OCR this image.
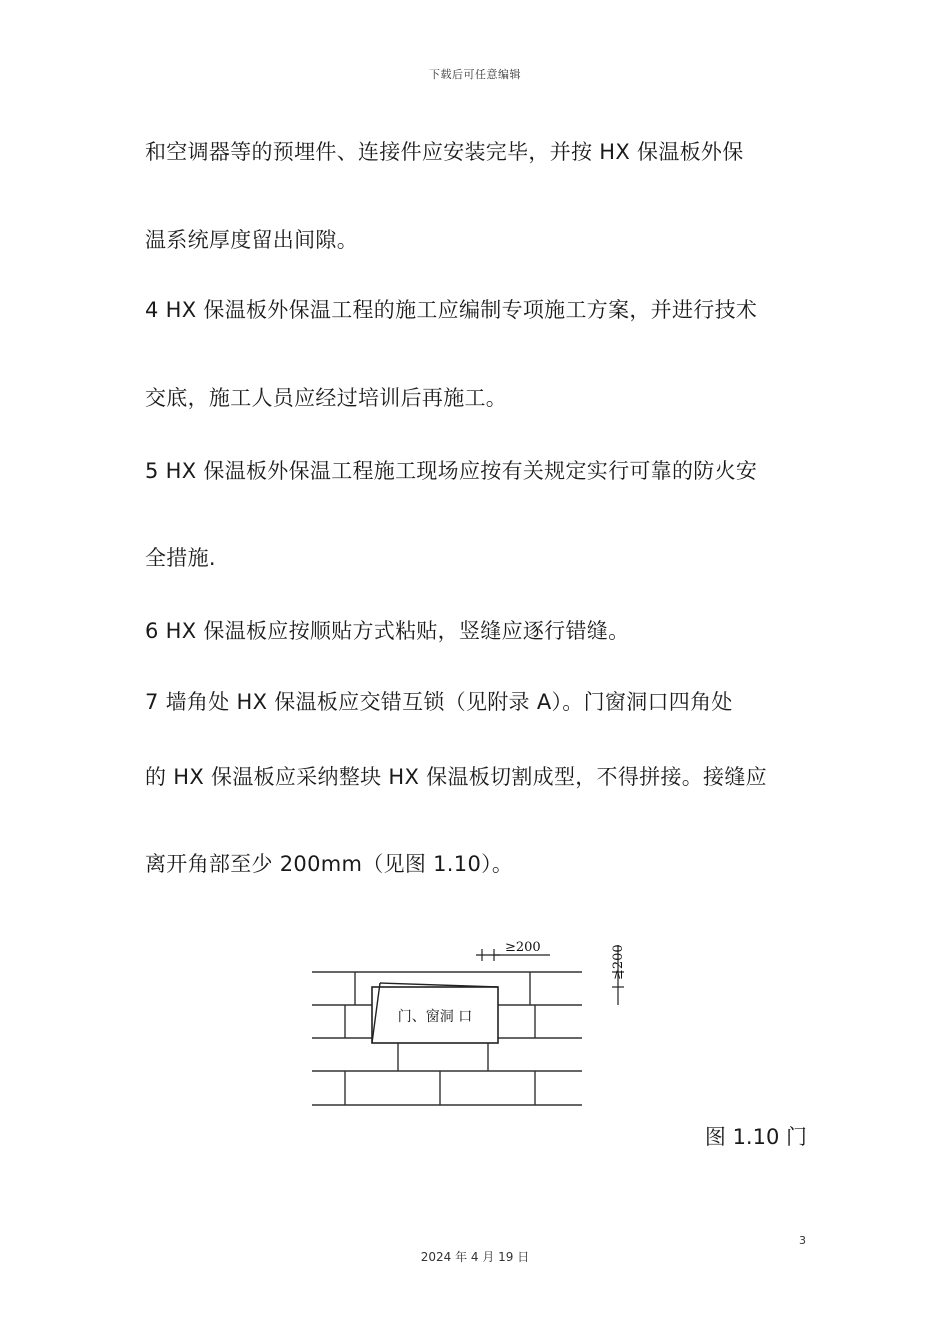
下载后可任意编辑
和空调器等的预埋件、连接件应安装完毕，并按 HX 保温板外保
温系统厚度留出间隙。
4 HX 保温板外保温工程的施工应编制专项施工方案，并进行技术
交底，施工人员应经过培训后再施工。
5 HX 保温板外保温工程施工现场应按有关规定实行可靠的防火安
全措施.
6 HX 保温板应按顺贴方式粘贴，竖缝应逐行错缝。
7 墙角处 HX 保温板应交错互锁（见附录 A）。门窗洞口四角处
的 HX 保温板应采纳整块 HX 保温板切割成型，不得拼接。接缝应
离开角部至少 200mm（见图 1.10）。
门、窗洞 口
≥200	≥200
图 1.10 门
3
2024 年 4 月 19 日
